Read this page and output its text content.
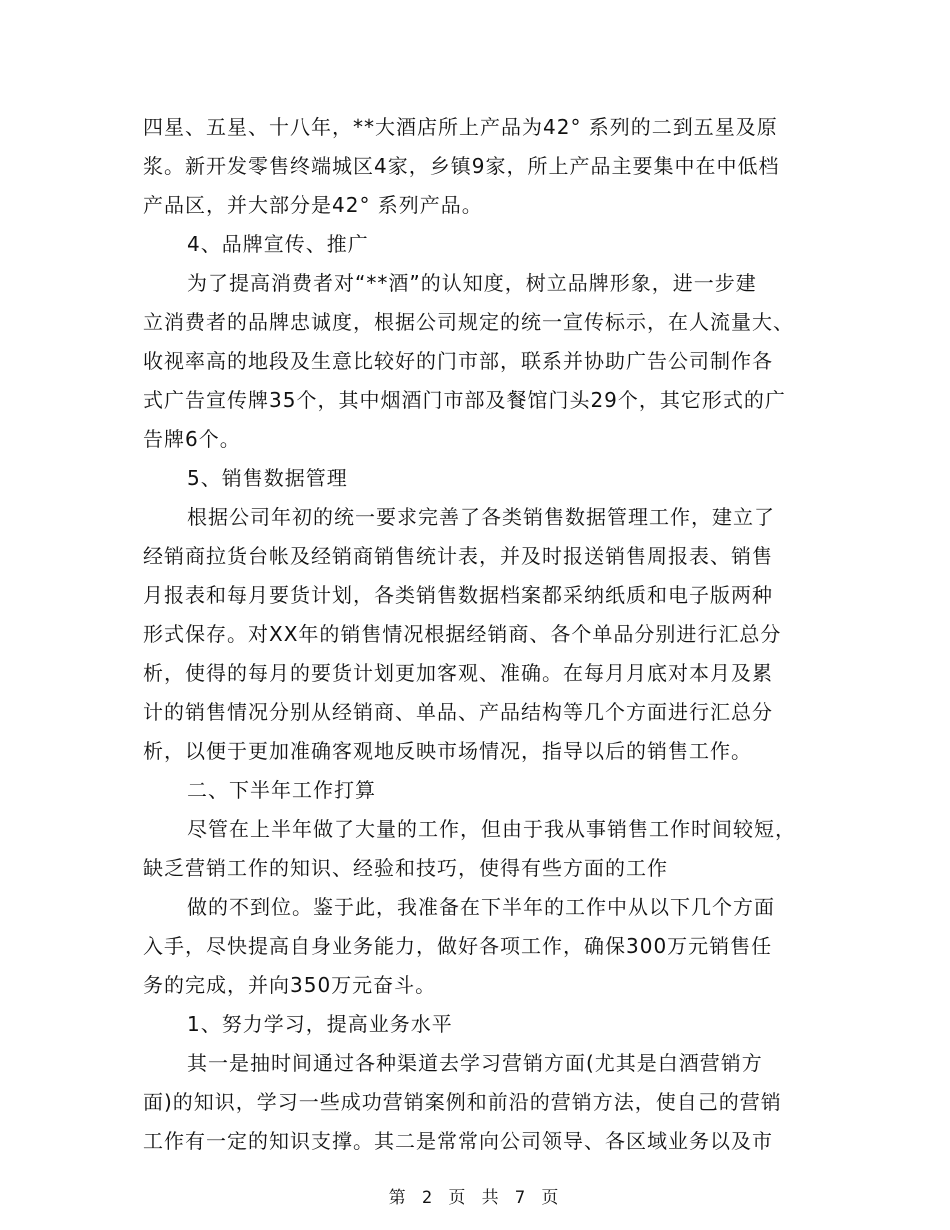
四星、五星、十八年，**大酒店所上产品为42° 系列的二到五星及原
浆。新开发零售终端城区4家，乡镇9家，所上产品主要集中在中低档
产品区，并大部分是42° 系列产品。
4、品牌宣传、推广
为了提高消费者对“**酒”的认知度，树立品牌形象，进一步建
立消费者的品牌忠诚度，根据公司规定的统一宣传标示，在人流量大、
收视率高的地段及生意比较好的门市部，联系并协助广告公司制作各
式广告宣传牌35个，其中烟酒门市部及餐馆门头29个，其它形式的广
告牌6个。
5、销售数据管理
根据公司年初的统一要求完善了各类销售数据管理工作，建立了
经销商拉货台帐及经销商销售统计表，并及时报送销售周报表、销售
月报表和每月要货计划，各类销售数据档案都采纳纸质和电子版两种
形式保存。对XX年的销售情况根据经销商、各个单品分别进行汇总分
析，使得的每月的要货计划更加客观、准确。在每月月底对本月及累
计的销售情况分别从经销商、单品、产品结构等几个方面进行汇总分
析，以便于更加准确客观地反映市场情况，指导以后的销售工作。
二、下半年工作打算
尽管在上半年做了大量的工作，但由于我从事销售工作时间较短，
缺乏营销工作的知识、经验和技巧，使得有些方面的工作
做的不到位。鉴于此，我准备在下半年的工作中从以下几个方面
入手，尽快提高自身业务能力，做好各项工作，确保300万元销售任
务的完成，并向350万元奋斗。
1、努力学习，提高业务水平
其一是抽时间通过各种渠道去学习营销方面(尤其是白酒营销方
面)的知识，学习一些成功营销案例和前沿的营销方法，使自己的营销
工作有一定的知识支撑。其二是常常向公司领导、各区域业务以及市
第 2 页 共 7 页
